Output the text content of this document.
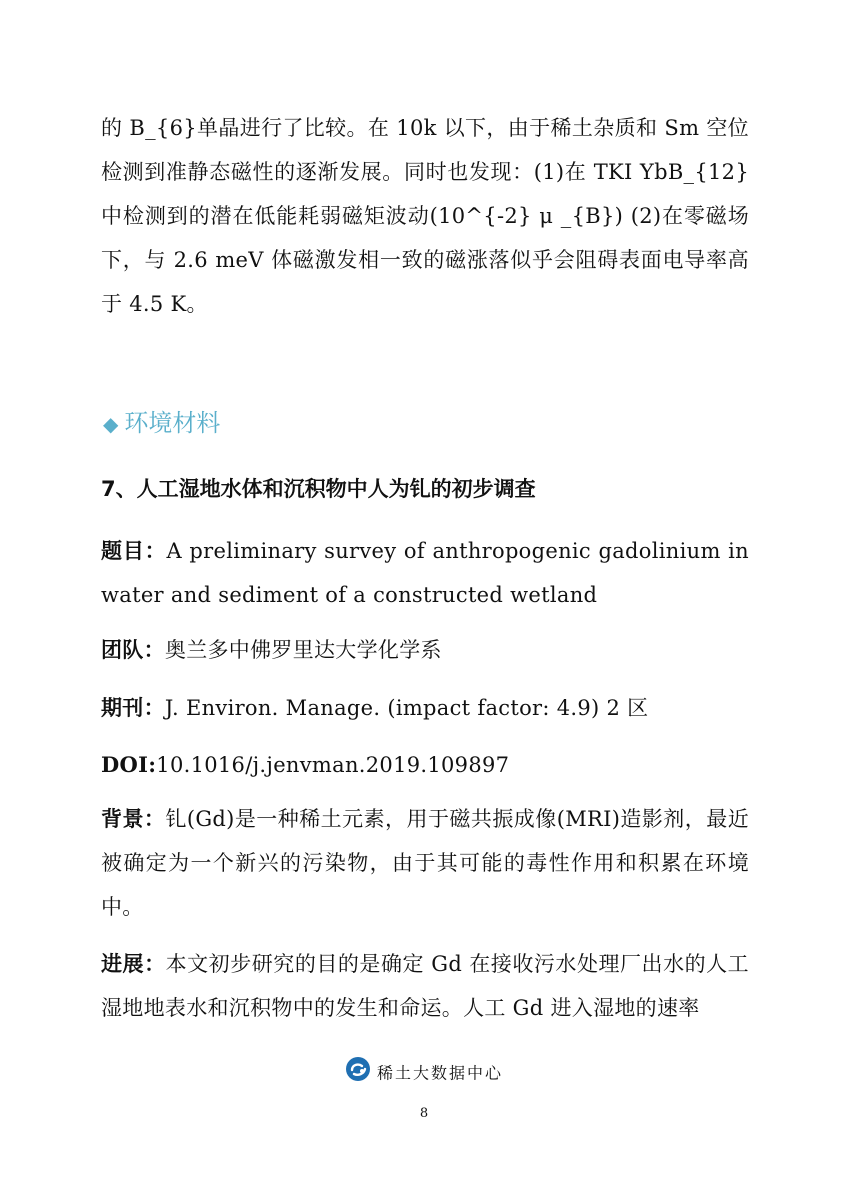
的 B_{6}单晶进行了比较。在 10k 以下，由于稀土杂质和 Sm 空位检测到准静态磁性的逐渐发展。同时也发现：(1)在 TKI YbB_{12}中检测到的潜在低能耗弱磁矩波动(10^{-2} μ _{B}) (2)在零磁场下，与 2.6 meV 体磁激发相一致的磁涨落似乎会阻碍表面电导率高于 4.5 K。
◆ 环境材料
7、人工湿地水体和沉积物中人为钆的初步调查
题目：A preliminary survey of anthropogenic gadolinium in water and sediment of a constructed wetland
团队：奥兰多中佛罗里达大学化学系
期刊：J. Environ. Manage. (impact factor: 4.9) 2 区
DOI:10.1016/j.jenvman.2019.109897
背景：钆(Gd)是一种稀土元素，用于磁共振成像(MRI)造影剂，最近被确定为一个新兴的污染物，由于其可能的毒性作用和积累在环境中。
进展：本文初步研究的目的是确定 Gd 在接收污水处理厂出水的人工湿地地表水和沉积物中的发生和命运。人工 Gd 进入湿地的速率
稀土大数据中心
8
